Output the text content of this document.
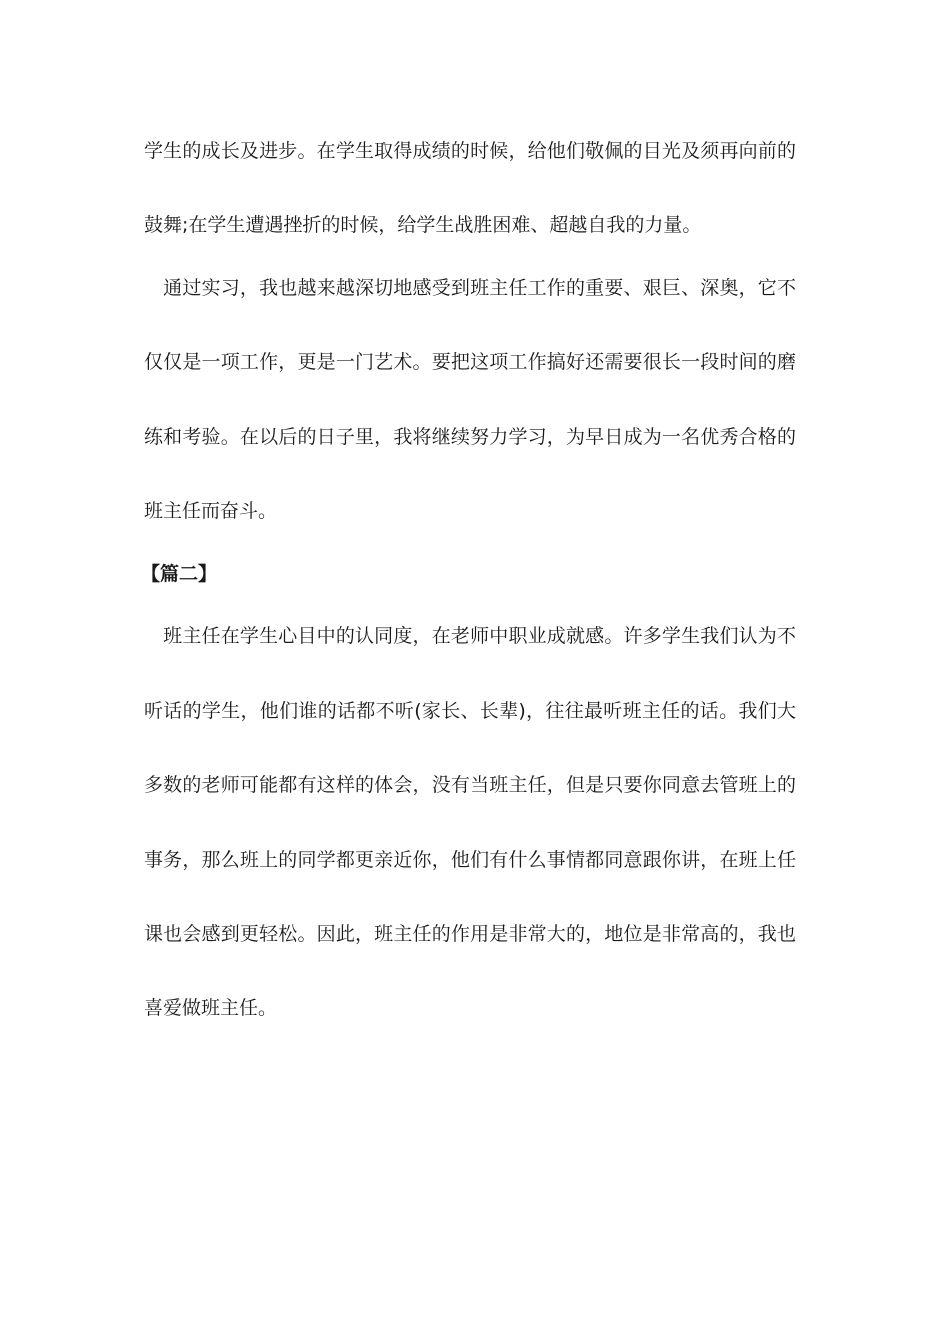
学生的成长及进步。在学生取得成绩的时候，给他们敬佩的目光及须再向前的
鼓舞;在学生遭遇挫折的时候，给学生战胜困难、超越自我的力量。
　通过实习，我也越来越深切地感受到班主任工作的重要、艰巨、深奥，它不
仅仅是一项工作，更是一门艺术。要把这项工作搞好还需要很长一段时间的磨
练和考验。在以后的日子里，我将继续努力学习，为早日成为一名优秀合格的
班主任而奋斗。
【篇二】
　班主任在学生心目中的认同度，在老师中职业成就感。许多学生我们认为不
听话的学生，他们谁的话都不听(家长、长辈)，往往最听班主任的话。我们大
多数的老师可能都有这样的体会，没有当班主任，但是只要你同意去管班上的
事务，那么班上的同学都更亲近你，他们有什么事情都同意跟你讲，在班上任
课也会感到更轻松。因此，班主任的作用是非常大的，地位是非常高的，我也
喜爱做班主任。
